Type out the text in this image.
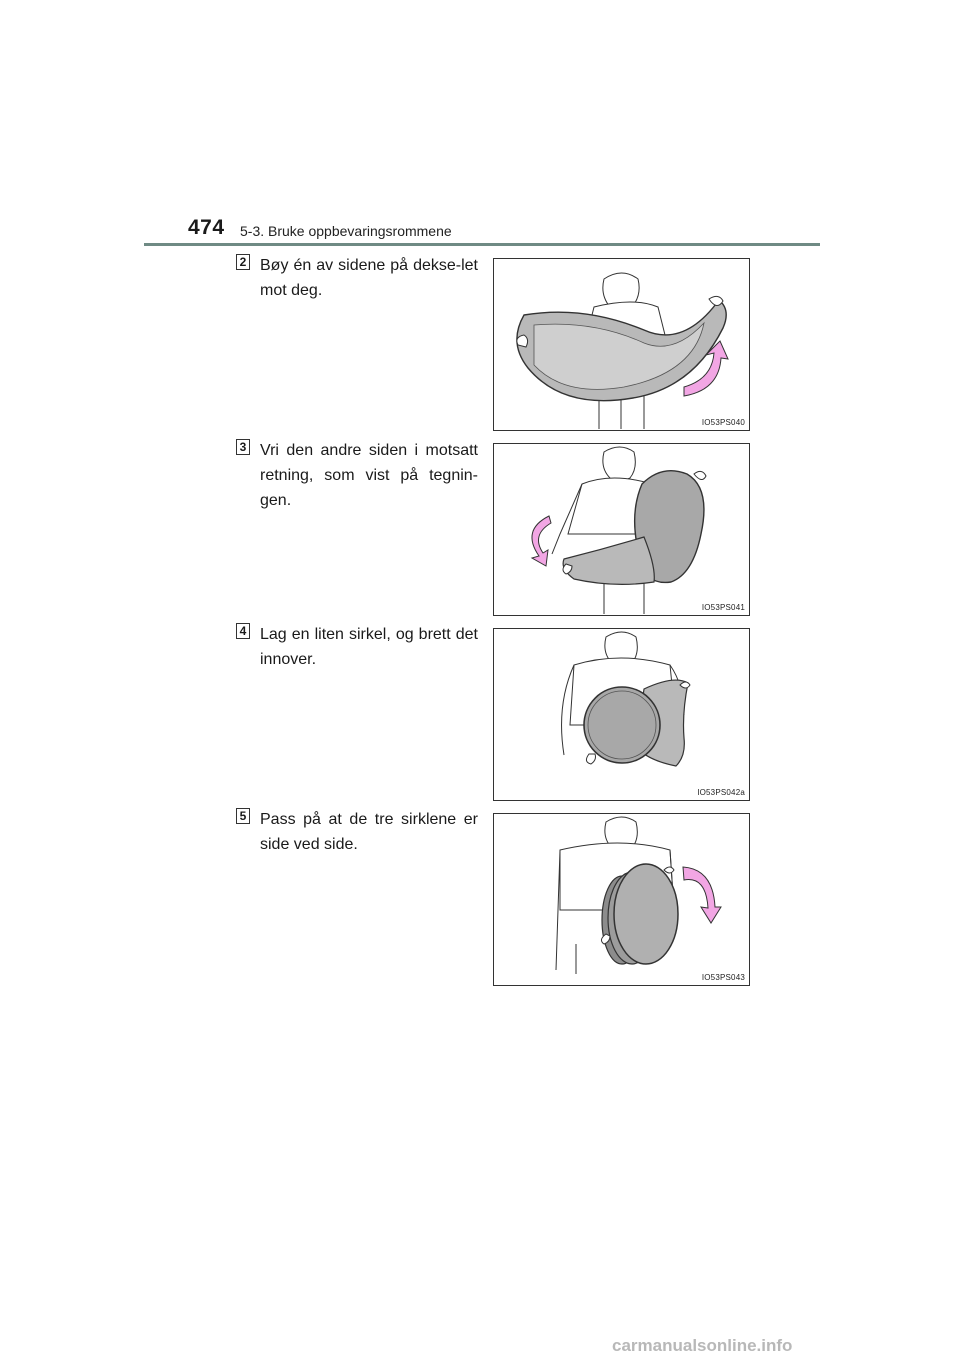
474 5-3. Bruke oppbevaringsrommene
2 Bøy én av sidene på dekse-let mot deg.
IO53PS040
3 Vri den andre siden i motsatt retning, som vist på tegnin-gen.
IO53PS041
4 Lag en liten sirkel, og brett det innover.
IO53PS042a
5 Pass på at de tre sirklene er side ved side.
IO53PS043
carmanualsonline.info
